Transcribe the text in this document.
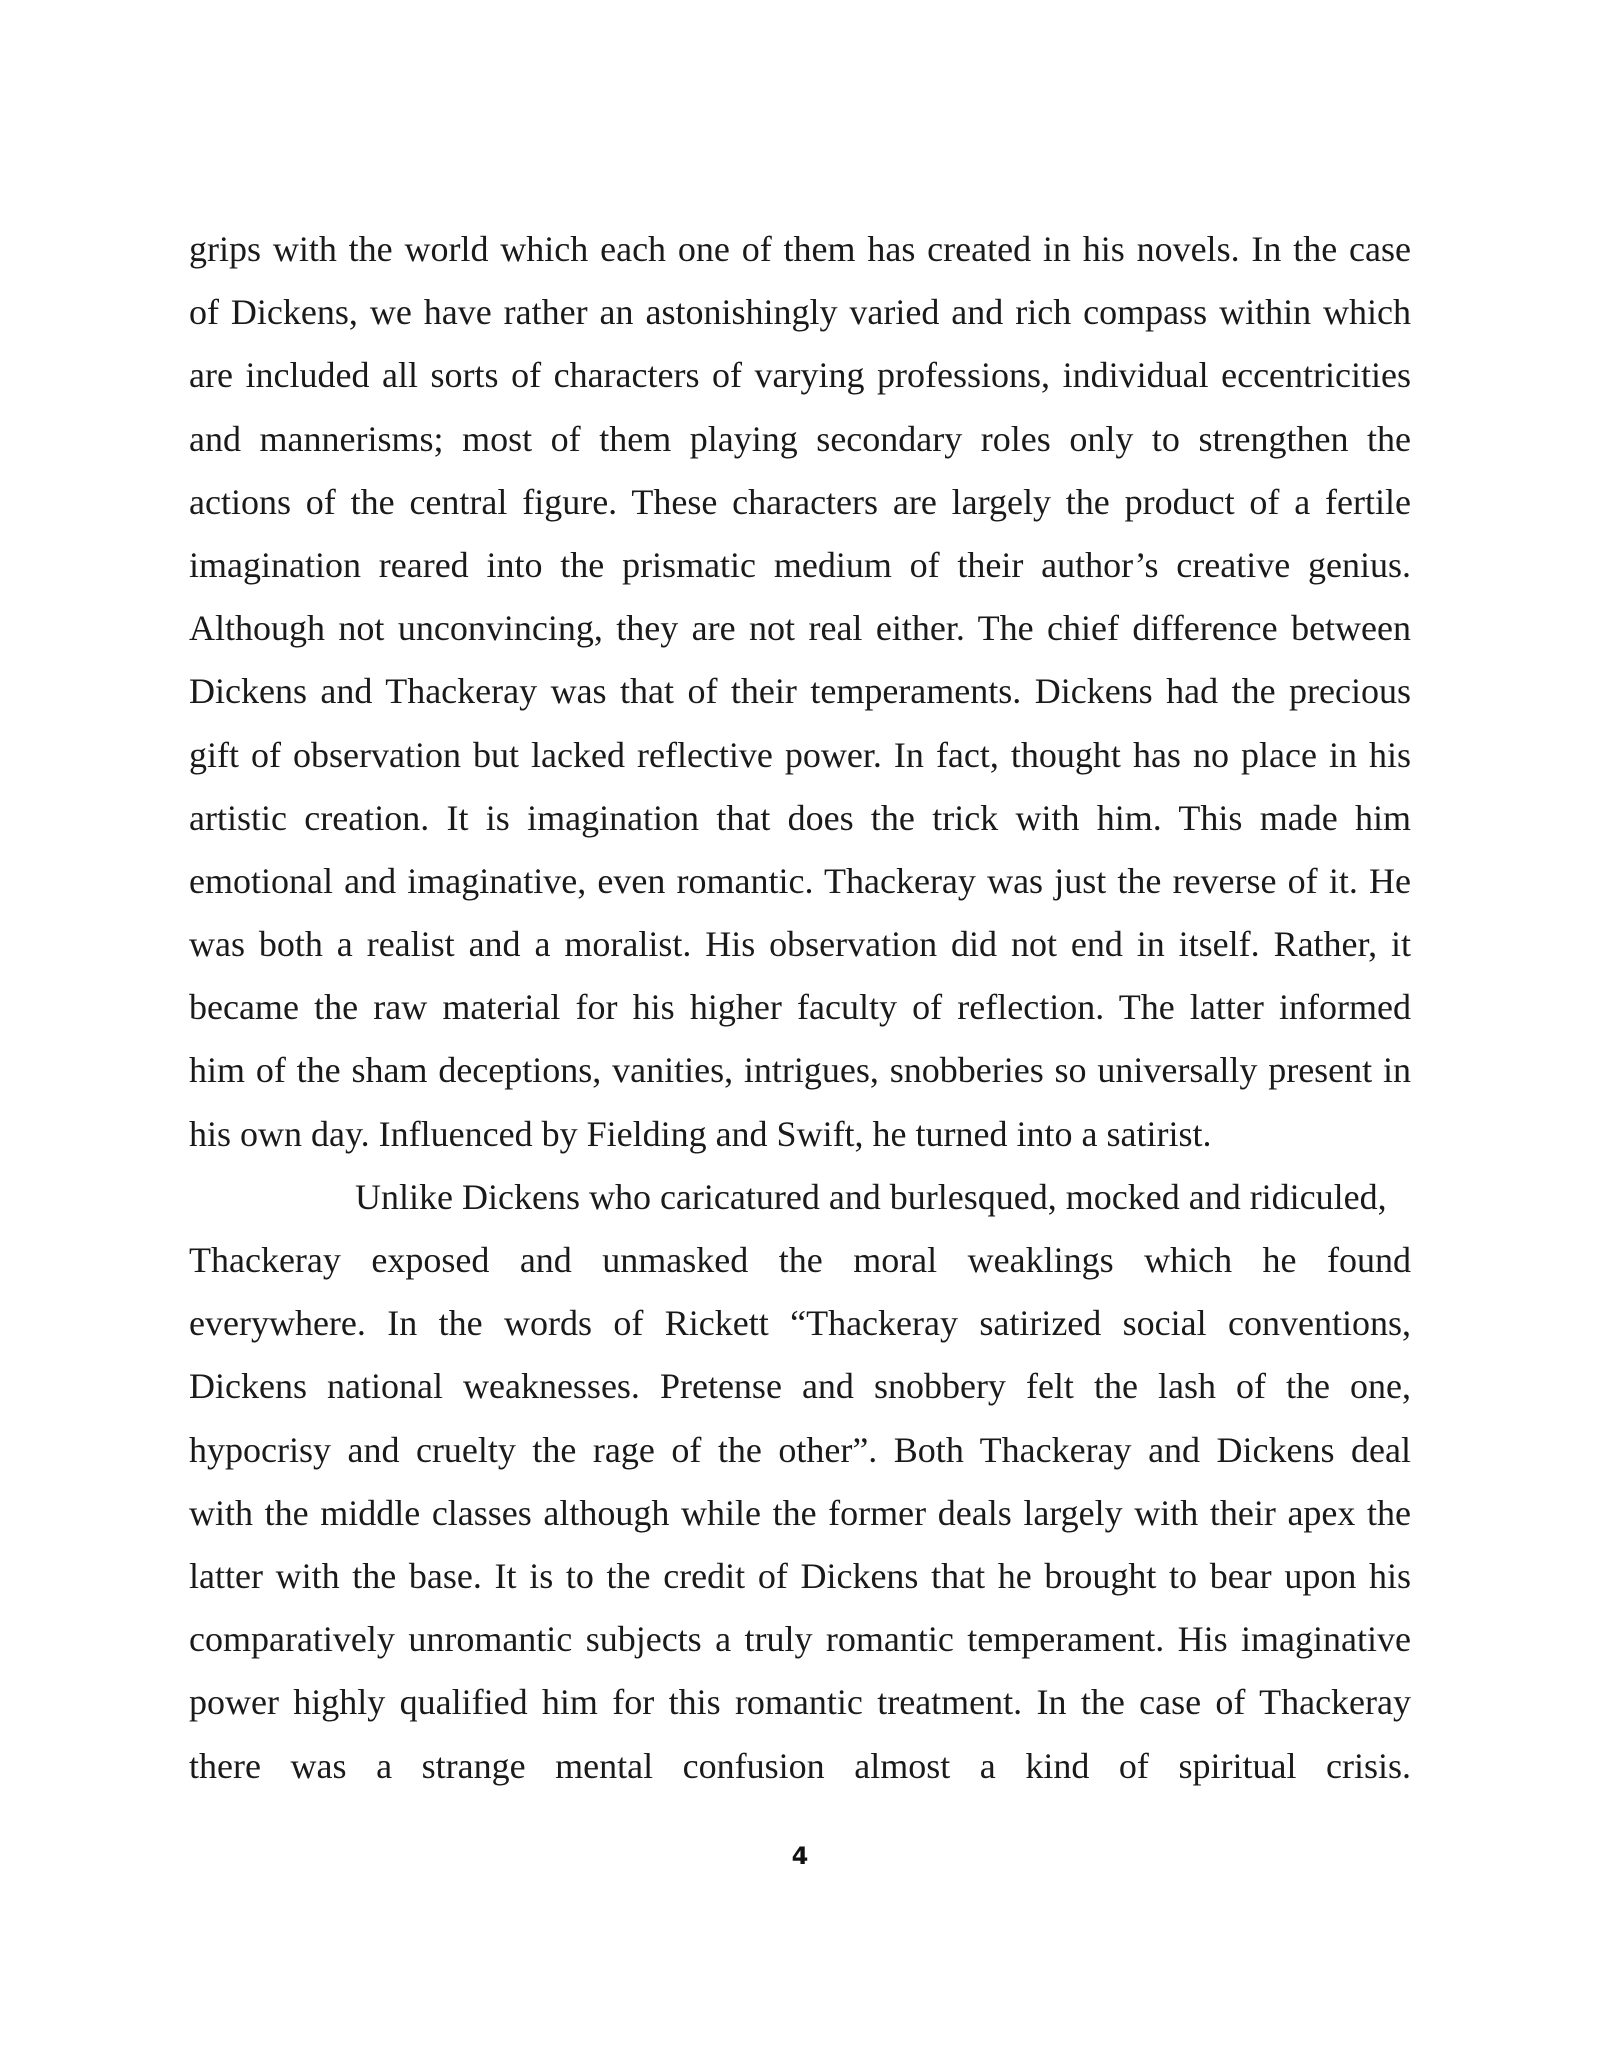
grips with the world which each one of them has created in his novels. In the case
of Dickens, we have rather an astonishingly varied and rich compass within which
are included all sorts of characters of varying professions, individual eccentricities
and mannerisms; most of them playing secondary roles only to strengthen the
actions of the central figure. These characters are largely the product of a fertile
imagination reared into the prismatic medium of their author’s creative genius.
Although not unconvincing, they are not real either. The chief difference between
Dickens and Thackeray was that of their temperaments. Dickens had the precious
gift of observation but lacked reflective power. In fact, thought has no place in his
artistic creation. It is imagination that does the trick with him. This made him
emotional and imaginative, even romantic. Thackeray was just the reverse of it. He
was both a realist and a moralist. His observation did not end in itself. Rather, it
became the raw material for his higher faculty of reflection. The latter informed
him of the sham deceptions, vanities, intrigues, snobberies so universally present in
his own day. Influenced by Fielding and Swift, he turned into a satirist.
Unlike Dickens who caricatured and burlesqued, mocked and ridiculed,
Thackeray exposed and unmasked the moral weaklings which he found
everywhere. In the words of Rickett “Thackeray satirized social conventions,
Dickens national weaknesses. Pretense and snobbery felt the lash of the one,
hypocrisy and cruelty the rage of the other”. Both Thackeray and Dickens deal
with the middle classes although while the former deals largely with their apex the
latter with the base. It is to the credit of Dickens that he brought to bear upon his
comparatively unromantic subjects a truly romantic temperament. His imaginative
power highly qualified him for this romantic treatment. In the case of Thackeray
there was a strange mental confusion almost a kind of spiritual crisis.
4
